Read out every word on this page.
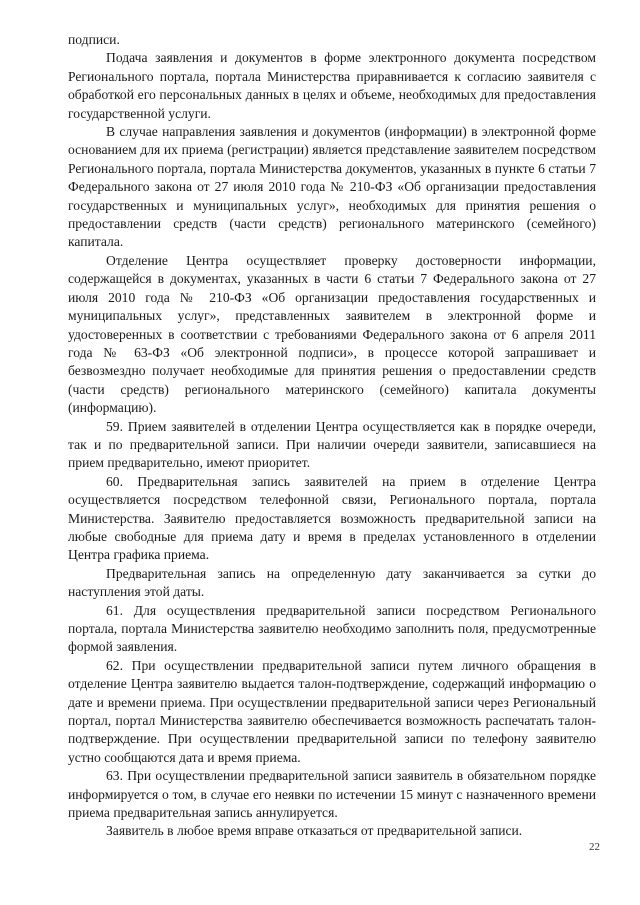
подписи.

Подача заявления и документов в форме электронного документа посредством Регионального портала, портала Министерства приравнивается к согласию заявителя с обработкой его персональных данных в целях и объеме, необходимых для предоставления государственной услуги.

В случае направления заявления и документов (информации) в электронной форме основанием для их приема (регистрации) является представление заявителем посредством Регионального портала, портала Министерства документов, указанных в пункте 6 статьи 7 Федерального закона от 27 июля 2010 года № 210-ФЗ «Об организации предоставления государственных и муниципальных услуг», необходимых для принятия решения о предоставлении средств (части средств) регионального материнского (семейного) капитала.

Отделение Центра осуществляет проверку достоверности информации, содержащейся в документах, указанных в части 6 статьи 7 Федерального закона от 27 июля 2010 года № 210-ФЗ «Об организации предоставления государственных и муниципальных услуг», представленных заявителем в электронной форме и удостоверенных в соответствии с требованиями Федерального закона от 6 апреля 2011 года № 63-ФЗ «Об электронной подписи», в процессе которой запрашивает и безвозмездно получает необходимые для принятия решения о предоставлении средств (части средств) регионального материнского (семейного) капитала документы (информацию).

59. Прием заявителей в отделении Центра осуществляется как в порядке очереди, так и по предварительной записи. При наличии очереди заявители, записавшиеся на прием предварительно, имеют приоритет.

60. Предварительная запись заявителей на прием в отделение Центра осуществляется посредством телефонной связи, Регионального портала, портала Министерства. Заявителю предоставляется возможность предварительной записи на любые свободные для приема дату и время в пределах установленного в отделении Центра графика приема.

Предварительная запись на определенную дату заканчивается за сутки до наступления этой даты.

61. Для осуществления предварительной записи посредством Регионального портала, портала Министерства заявителю необходимо заполнить поля, предусмотренные формой заявления.

62. При осуществлении предварительной записи путем личного обращения в отделение Центра заявителю выдается талон-подтверждение, содержащий информацию о дате и времени приема. При осуществлении предварительной записи через Региональный портал, портал Министерства заявителю обеспечивается возможность распечатать талон-подтверждение. При осуществлении предварительной записи по телефону заявителю устно сообщаются дата и время приема.

63. При осуществлении предварительной записи заявитель в обязательном порядке информируется о том, в случае его неявки по истечении 15 минут с назначенного времени приема предварительная запись аннулируется.

Заявитель в любое время вправе отказаться от предварительной записи.

22
